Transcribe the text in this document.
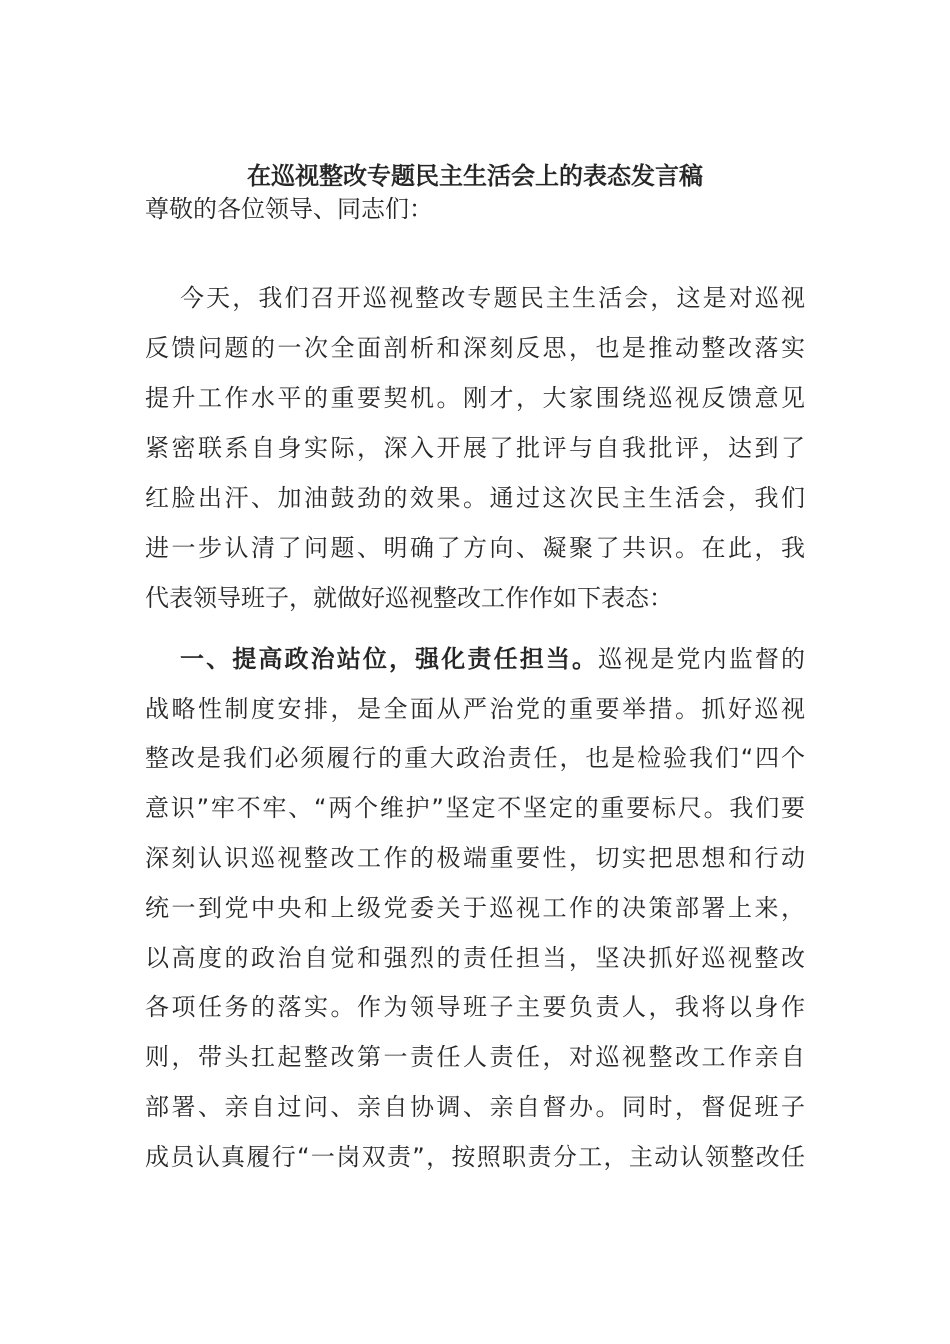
在巡视整改专题民主生活会上的表态发言稿
尊敬的各位领导、同志们：
今天，我们召开巡视整改专题民主生活会，这是对巡视
反馈问题的一次全面剖析和深刻反思，也是推动整改落实
提升工作水平的重要契机。刚才，大家围绕巡视反馈意见
紧密联系自身实际，深入开展了批评与自我批评，达到了
红脸出汗、加油鼓劲的效果。通过这次民主生活会，我们
进一步认清了问题、明确了方向、凝聚了共识。在此，我
代表领导班子，就做好巡视整改工作作如下表态：
一、提高政治站位，强化责任担当。巡视是党内监督的
战略性制度安排，是全面从严治党的重要举措。抓好巡视
整改是我们必须履行的重大政治责任，也是检验我们“四个
意识”牢不牢、“两个维护”坚定不坚定的重要标尺。我们要
深刻认识巡视整改工作的极端重要性，切实把思想和行动
统一到党中央和上级党委关于巡视工作的决策部署上来，
以高度的政治自觉和强烈的责任担当，坚决抓好巡视整改
各项任务的落实。作为领导班子主要负责人，我将以身作
则，带头扛起整改第一责任人责任，对巡视整改工作亲自
部署、亲自过问、亲自协调、亲自督办。同时，督促班子
成员认真履行“一岗双责”，按照职责分工，主动认领整改任
